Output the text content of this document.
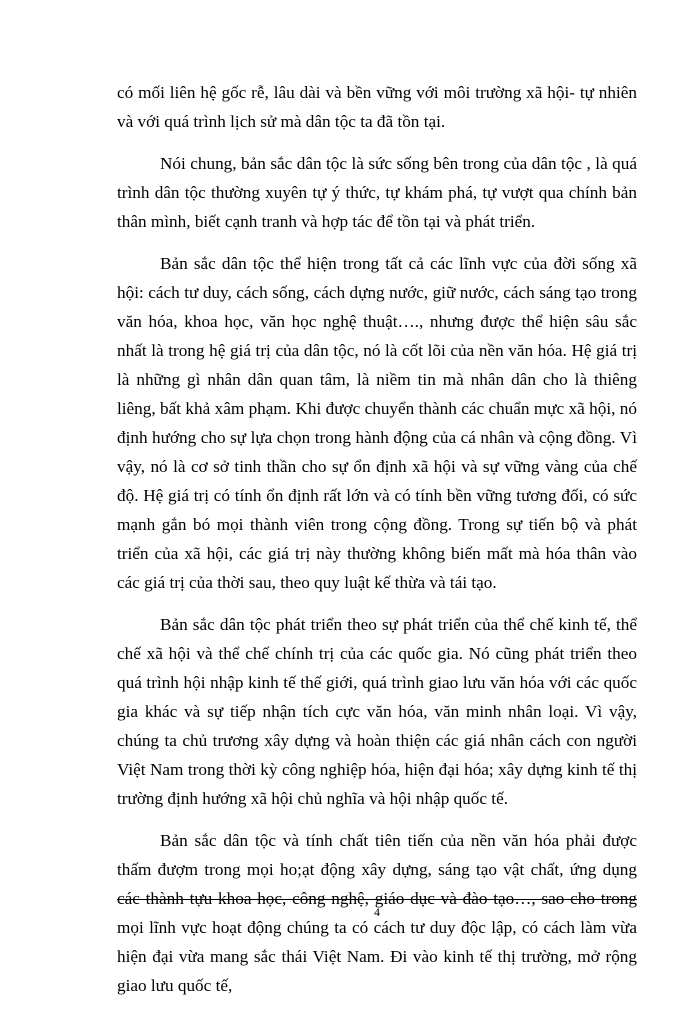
có mối liên hệ gốc rễ, lâu dài và bền vững với môi trường xã hội- tự nhiên và với quá trình lịch sử mà dân tộc ta đã tồn tại.

Nói chung, bản sắc dân tộc là sức sống bên trong của dân tộc , là quá trình dân tộc thường xuyên tự ý thức, tự khám phá, tự vượt qua chính bản thân mình, biết cạnh tranh và hợp tác để tồn tại và phát triển.

Bản sắc dân tộc thể hiện trong tất cả các lĩnh vực của đời sống xã hội: cách tư duy, cách sống, cách dựng nước, giữ nước, cách sáng tạo trong văn hóa, khoa học, văn học nghệ thuật…., nhưng được thể hiện sâu sắc nhất là trong hệ giá trị của dân tộc, nó là cốt lõi của nền văn hóa. Hệ giá trị là những gì nhân dân quan tâm, là niềm tin mà nhân dân cho là thiêng liêng, bất khả xâm phạm. Khi được chuyển thành các chuẩn mực xã hội, nó định hướng cho sự lựa chọn trong hành động của cá nhân và cộng đồng. Vì vậy, nó là cơ sở tinh thần cho sự ổn định xã hội và sự vững vàng của chế độ. Hệ giá trị có tính ổn định rất lớn và có tính bền vững tương đối, có sức mạnh gắn bó mọi thành viên trong cộng đồng. Trong sự tiến bộ và phát triển của xã hội, các giá trị này thường không biến mất mà hóa thân vào các giá trị của thời sau, theo quy luật kế thừa và tái tạo.

Bản sắc dân tộc phát triển theo sự phát triển của thể chế kinh tế, thể chế xã hội và thể chế chính trị của các quốc gia. Nó cũng phát triển theo quá trình hội nhập kinh tế thế giới, quá trình giao lưu văn hóa với các quốc gia khác và sự tiếp nhận tích cực văn hóa, văn minh nhân loại. Vì vậy, chúng ta chủ trương xây dựng và hoàn thiện các giá nhân cách con người Việt Nam trong thời kỳ công nghiệp hóa, hiện đại hóa; xây dựng kinh tế thị trường định hướng xã hội chủ nghĩa và hội nhập quốc tế.

Bản sắc dân tộc và tính chất tiên tiến của nền văn hóa phải được thấm đượm trong mọi ho;ạt động xây dựng, sáng tạo vật chất, ứng dụng các thành tựu khoa học, công nghệ, giáo dục và đào tạo…, sao cho trong mọi lĩnh vực hoạt động chúng ta có cách tư duy độc lập, có cách làm vừa hiện đại vừa mang sắc thái Việt Nam. Đi vào kinh tế thị trường, mở rộng giao lưu quốc tế,

4
